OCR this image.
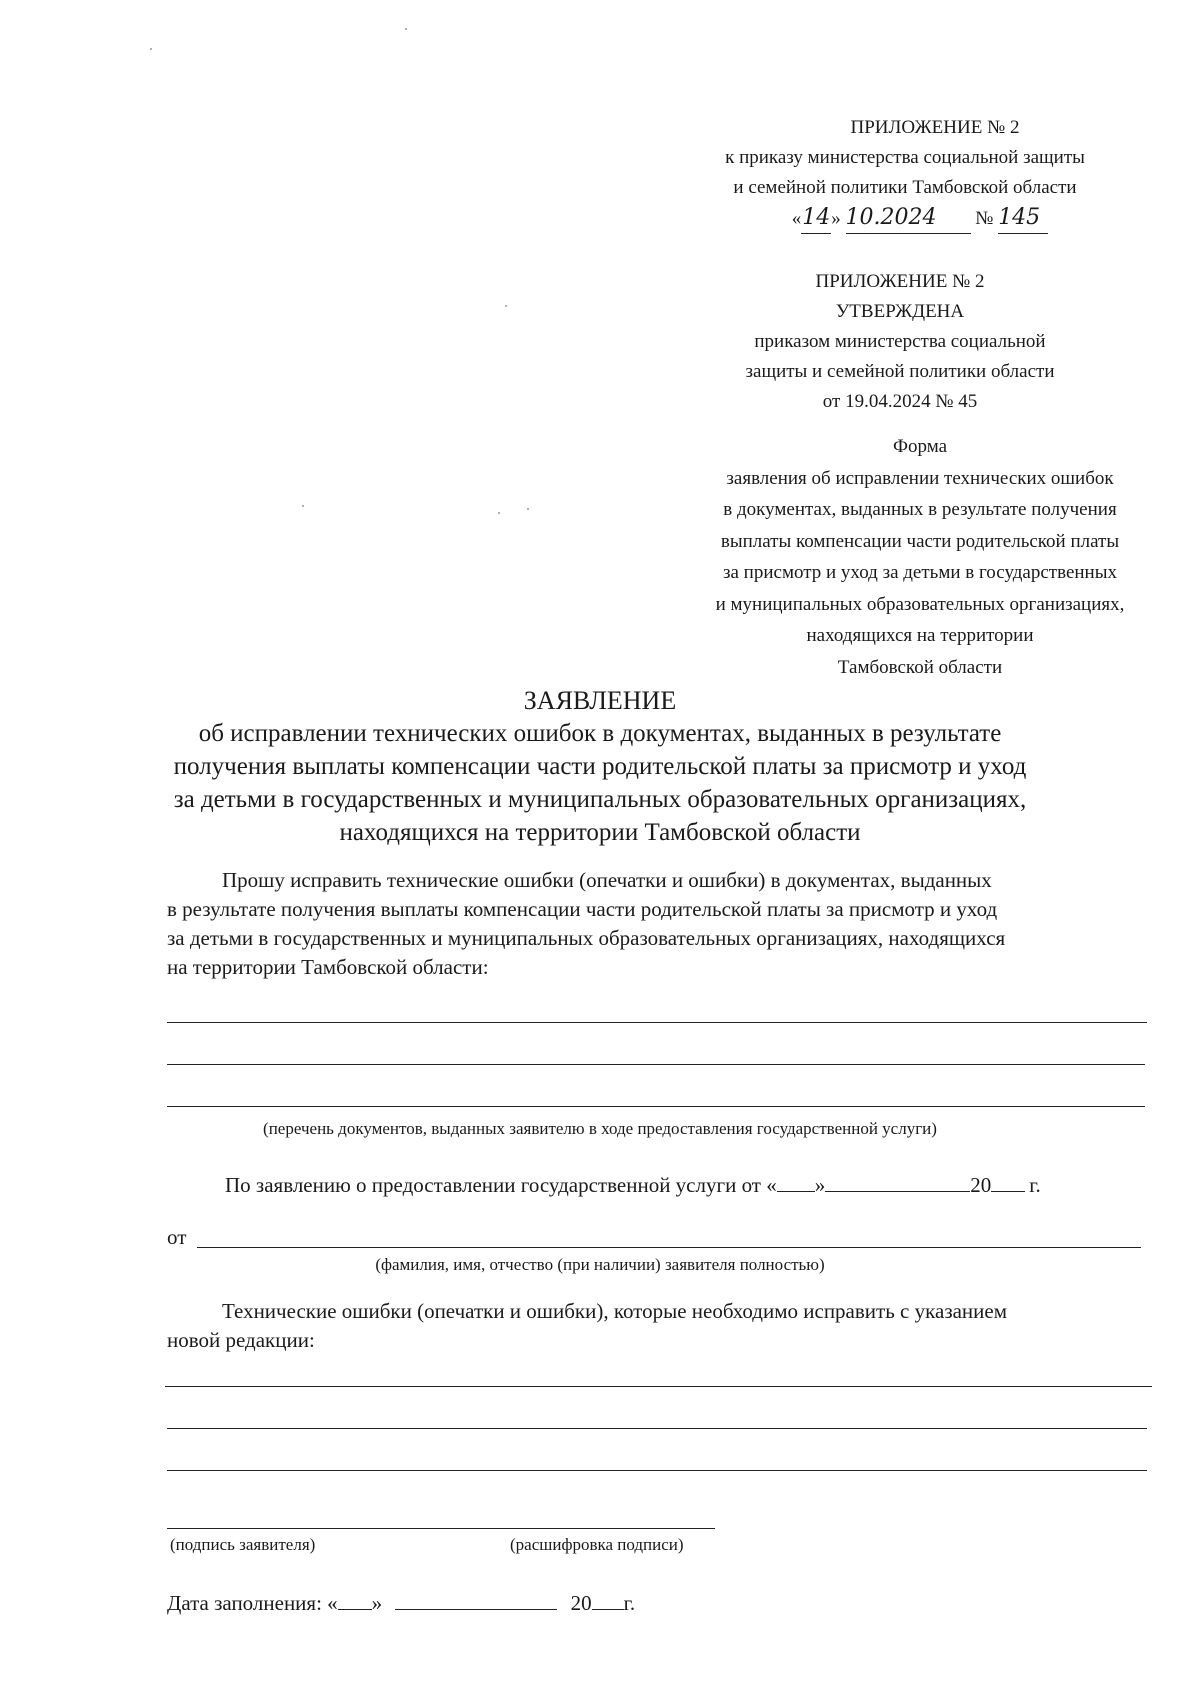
ПРИЛОЖЕНИЕ № 2
к приказу министерства социальной защиты
и семейной политики Тамбовской области
«14» 10.2024 № 145
ПРИЛОЖЕНИЕ № 2
УТВЕРЖДЕНА
приказом министерства социальной
защиты и семейной политики области
от 19.04.2024 № 45
Форма
заявления об исправлении технических ошибок
в документах, выданных в результате получения
выплаты компенсации части родительской платы
за присмотр и уход за детьми в государственных
и муниципальных образовательных организациях,
находящихся на территории
Тамбовской области
ЗАЯВЛЕНИЕ
об исправлении технических ошибок в документах, выданных в результате
получения выплаты компенсации части родительской платы за присмотр и уход
за детьми в государственных и муниципальных образовательных организациях,
находящихся на территории Тамбовской области
Прошу исправить технические ошибки (опечатки и ошибки) в документах, выданных
в результате получения выплаты компенсации части родительской платы за присмотр и уход
за детьми в государственных и муниципальных образовательных организациях, находящихся
на территории Тамбовской области:
(перечень документов, выданных заявителю в ходе предоставления государственной услуги)
По заявлению о предоставлении государственной услуги от « »	20 г.
от
(фамилия, имя, отчество (при наличии) заявителя полностью)
Технические ошибки (опечатки и ошибки), которые необходимо исправить с указанием
новой редакции:
(подпись заявителя)	(расшифровка подписи)
Дата заполнения: « »	20 г.
